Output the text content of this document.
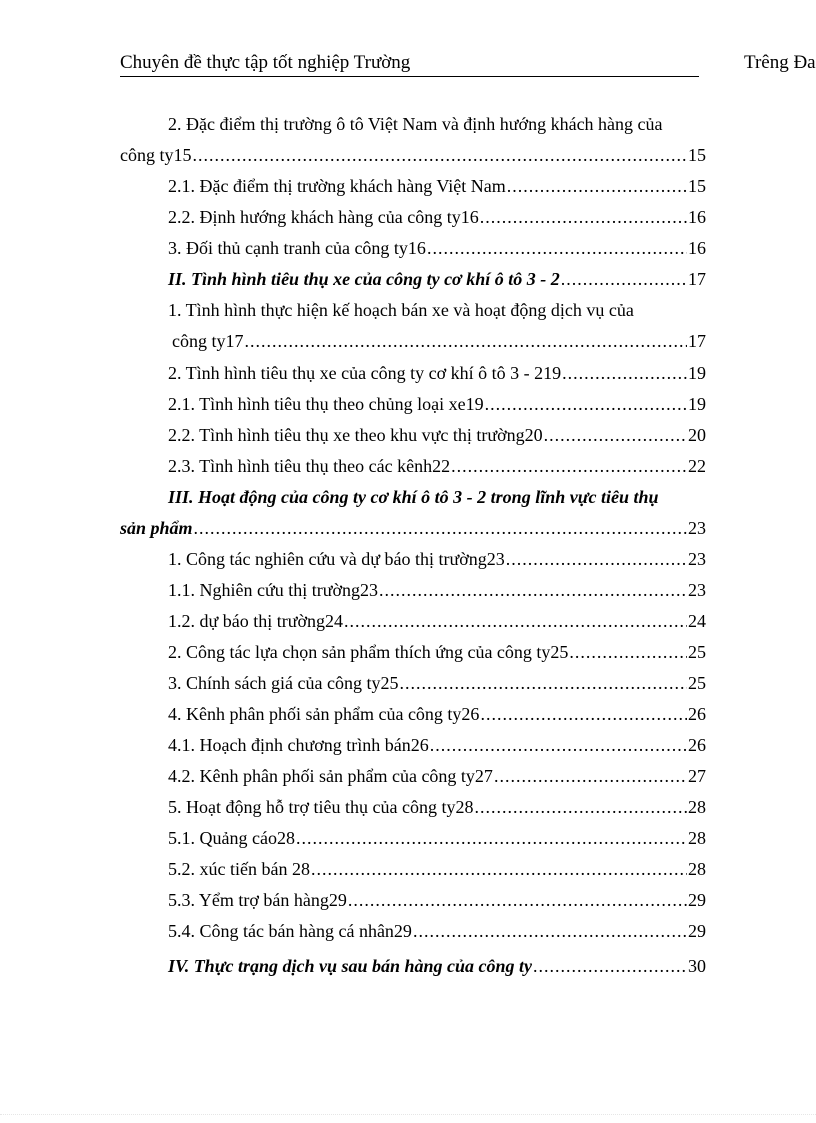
Chuyên đề thực tập tốt nghiệp Trường	Trêng Đa
2. Đặc điểm thị trường ô tô Việt Nam và định hướng khách hàng của
công ty15 .....	15
2.1. Đặc điểm thị trường khách hàng Việt Nam .....	15
2.2. Định hướng khách hàng của công ty16 .....	16
3. Đối thủ cạnh tranh của công ty16 .....	16
II. Tình hình tiêu thụ xe của công ty cơ khí ô tô 3 - 2 .....	17
1. Tình hình thực hiện kế hoạch bán xe và hoạt động dịch vụ của
công ty17 .....	17
2. Tình hình tiêu thụ xe của công ty cơ khí ô tô 3 - 219 .....	19
2.1. Tình hình tiêu thụ theo chủng loại xe19 .....	19
2.2. Tình hình tiêu thụ xe theo khu vực thị trường20 .....	20
2.3. Tình hình tiêu thụ theo các kênh22 .....	22
III. Hoạt động của công ty cơ khí ô tô 3 - 2 trong lĩnh vực tiêu thụ
sản phẩm .....	23
1. Công tác nghiên cứu và dự báo thị trường23 .....	23
1.1. Nghiên cứu thị trường23 .....	23
1.2. dự báo thị trường24 .....	24
2. Công tác lựa chọn sản phẩm thích ứng của công ty25 .....	25
3. Chính sách giá của công ty25 .....	25
4. Kênh phân phối sản phẩm của công ty26 .....	26
4.1. Hoạch định chương trình bán26 .....	26
4.2. Kênh phân phối sản phẩm của công ty27 .....	27
5. Hoạt động hỗ trợ tiêu thụ của công ty28 .....	28
5.1. Quảng cáo28 .....	28
5.2. xúc tiến bán 28 .....	28
5.3. Yểm trợ bán hàng29 .....	29
5.4. Công tác bán hàng cá nhân29 .....	29
IV. Thực trạng dịch vụ sau bán hàng của công ty .....	30
